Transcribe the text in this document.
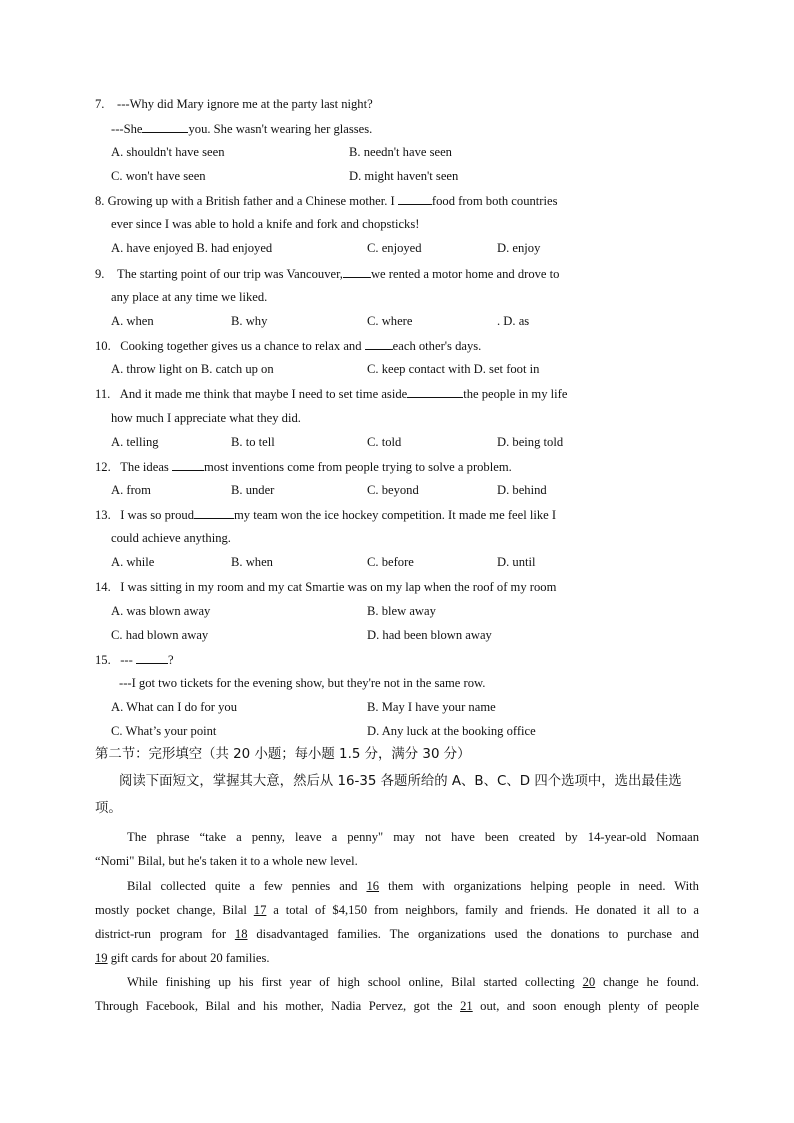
7. ---Why did Mary ignore me at the party last night?
---She	you. She wasn't wearing her glasses.
A. shouldn't have seen	B. needn't have seen
C. won't have seen	D. might haven't seen
8. Growing up with a British father and a Chinese mother. I	food from both countries
ever since I was able to hold a knife and fork and chopsticks!
A. have enjoyed B. had enjoyed	C. enjoyed	D. enjoy
9. The starting point of our trip was Vancouver, we rented a motor home and drove to
any place at any time we liked.
A. when	B. why	C. where	. D. as
10. Cooking together gives us a chance to relax and each other's days.
A. throw light on B. catch up on	C. keep contact with D. set foot in
11. And it made me think that maybe I need to set time aside	the people in my life
how much I appreciate what they did.
A. telling	B. to tell	C. told	D. being told
12. The ideas	most inventions come from people trying to solve a problem.
A. from	B. under	C. beyond	D. behind
13. I was so proud	my team won the ice hockey competition. It made me feel like I
could achieve anything.
A. while	B. when	C. before	D. until
14. I was sitting in my room and my cat Smartie was on my lap when the roof of my room
A. was blown away	B. blew away
C. had blown away	D. had been blown away
15. ---	?
---I got two tickets for the evening show, but they're not in the same row.
A. What can I do for you	B. May I have your name
C. What’s your point	D. Any luck at the booking office
第二节：完形填空（共 20 小题；每小题 1.5 分，满分 30 分）
阅读下面短文，掌握其大意，然后从 16-35 各题所给的 A、B、C、D 四个选项中，选出最佳选
项。
The phrase “take a penny, leave a penny" may not have been created by 14-year-old Nomaan
“Nomi" Bilal, but he's taken it to a whole new level.
Bilal collected quite a few pennies and 16 them with organizations helping people in need. With
mostly pocket change, Bilal 17 a total of $4,150 from neighbors, family and friends. He donated it all to a
district-run program for 18 disadvantaged families. The organizations used the donations to purchase and
19 gift cards for about 20 families.
While finishing up his first year of high school online, Bilal started collecting 20 change he found.
Through Facebook, Bilal and his mother, Nadia Pervez, got the 21 out, and soon enough plenty of people
